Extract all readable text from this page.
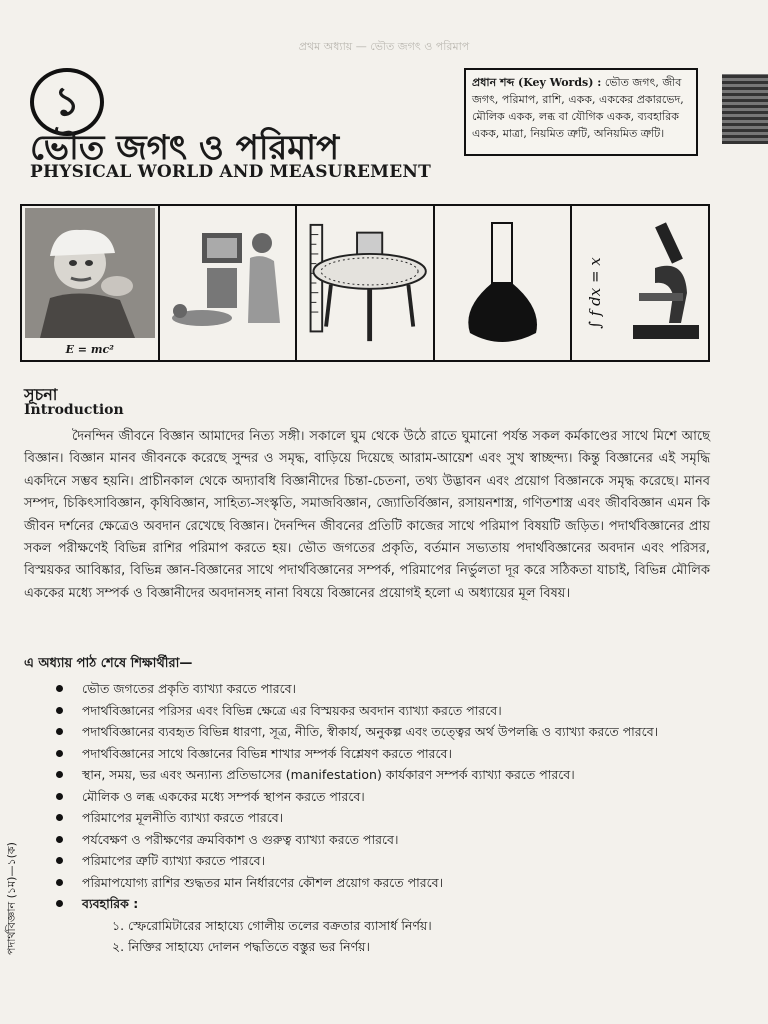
প্রথম অধ্যায় — ভৌত জগৎ ও পরিমাপ
১
ভৌত জগৎ ও পরিমাপ
PHYSICAL WORLD AND MEASUREMENT
প্রধান শব্দ (Key Words) : ভৌত জগৎ, জীব জগৎ, পরিমাপ, রাশি, একক, এককের প্রকারভেদ, মৌলিক একক, লব্ধ বা যৌগিক একক, ব্যবহারিক একক, মাত্রা, নিয়মিত ত্রুটি, অনিয়মিত ত্রুটি।
E = mc²
∫ f dx = x
সূচনা
Introduction

দৈনন্দিন জীবনে বিজ্ঞান আমাদের নিত্য সঙ্গী। সকালে ঘুম থেকে উঠে রাতে ঘুমানো পর্যন্ত সকল কর্মকাণ্ডের সাথে মিশে আছে বিজ্ঞান। বিজ্ঞান মানব জীবনকে করেছে সুন্দর ও সমৃদ্ধ, বাড়িয়ে দিয়েছে আরাম-আয়েশ এবং সুখ স্বাচ্ছন্দ্য। কিন্তু বিজ্ঞানের এই সমৃদ্ধি একদিনে সম্ভব হয়নি। প্রাচীনকাল থেকে অদ্যাবধি বিজ্ঞানীদের চিন্তা-চেতনা, তথ্য উদ্ভাবন এবং প্রয়োগ বিজ্ঞানকে সমৃদ্ধ করেছে। মানব সম্পদ, চিকিৎসাবিজ্ঞান, কৃষিবিজ্ঞান, সাহিত্য-সংস্কৃতি, সমাজবিজ্ঞান, জ্যোতির্বিজ্ঞান, রসায়নশাস্ত্র, গণিতশাস্ত্র এবং জীববিজ্ঞান এমন কি জীবন দর্শনের ক্ষেত্রেও অবদান রেখেছে বিজ্ঞান। দৈনন্দিন জীবনের প্রতিটি কাজের সাথে পরিমাপ বিষয়টি জড়িত। পদার্থবিজ্ঞানের প্রায় সকল পরীক্ষণেই বিভিন্ন রাশির পরিমাপ করতে হয়। ভৌত জগতের প্রকৃতি, বর্তমান সভ্যতায় পদার্থবিজ্ঞানের অবদান এবং পরিসর, বিস্ময়কর আবিষ্কার, বিভিন্ন জ্ঞান-বিজ্ঞানের সাথে পদার্থবিজ্ঞানের সম্পর্ক, পরিমাপের নির্ভুলতা দূর করে সঠিকতা যাচাই, বিভিন্ন মৌলিক এককের মধ্যে সম্পর্ক ও বিজ্ঞানীদের অবদানসহ নানা বিষয়ে বিজ্ঞানের প্রয়োগই হলো এ অধ্যায়ের মূল বিষয়।

এ অধ্যায় পাঠ শেষে শিক্ষার্থীরা—
ভৌত জগতের প্রকৃতি ব্যাখ্যা করতে পারবে।
পদার্থবিজ্ঞানের পরিসর এবং বিভিন্ন ক্ষেত্রে এর বিস্ময়কর অবদান ব্যাখ্যা করতে পারবে।
পদার্থবিজ্ঞানের ব্যবহৃত বিভিন্ন ধারণা, সূত্র, নীতি, স্বীকার্য, অনুকল্প এবং তত্ত্বের অর্থ উপলব্ধি ও ব্যাখ্যা করতে পারবে।
পদার্থবিজ্ঞানের সাথে বিজ্ঞানের বিভিন্ন শাখার সম্পর্ক বিশ্লেষণ করতে পারবে।
স্থান, সময়, ভর এবং অন্যান্য প্রতিভাসের (manifestation) কার্যকারণ সম্পর্ক ব্যাখ্যা করতে পারবে।
মৌলিক ও লব্ধ এককের মধ্যে সম্পর্ক স্থাপন করতে পারবে।
পরিমাপের মূলনীতি ব্যাখ্যা করতে পারবে।
পর্যবেক্ষণ ও পরীক্ষণের ক্রমবিকাশ ও গুরুত্ব ব্যাখ্যা করতে পারবে।
পরিমাপের ত্রুটি ব্যাখ্যা করতে পারবে।
পরিমাপযোগ্য রাশির শুদ্ধতর মান নির্ধারণের কৌশল প্রয়োগ করতে পারবে।
ব্যবহারিক :
১. স্ফেরোমিটারের সাহায্যে গোলীয় তলের বক্রতার ব্যাসার্ধ নির্ণয়।
২. নিক্তির সাহায্যে দোলন পদ্ধতিতে বস্তুর ভর নির্ণয়।
পদার্থবিজ্ঞান (১ম)—১(ক)
